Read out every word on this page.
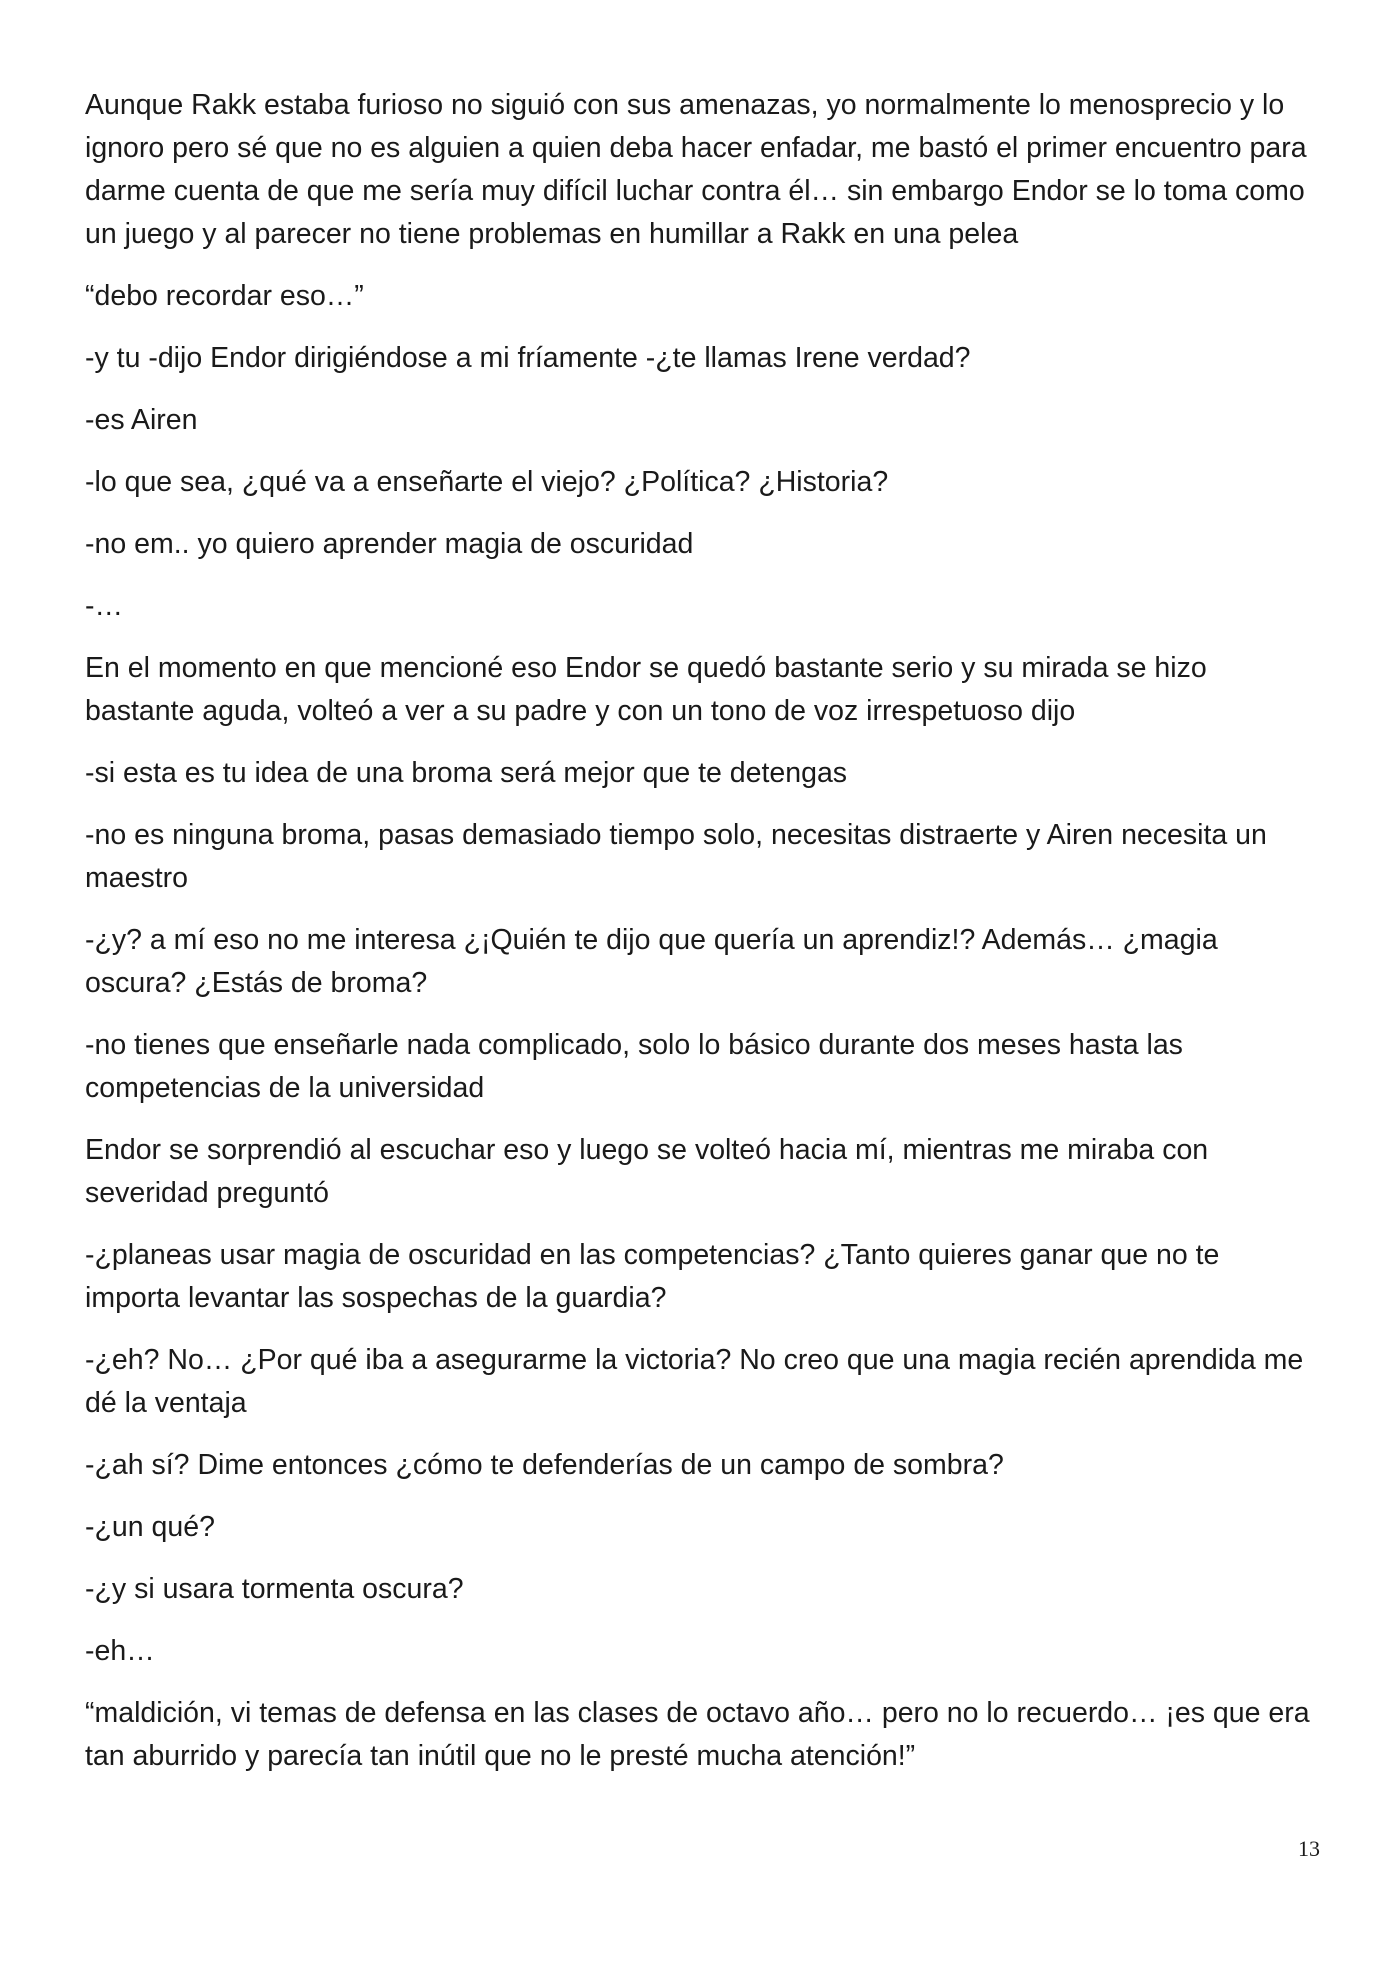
Aunque Rakk estaba furioso no siguió con sus amenazas, yo normalmente lo menosprecio y lo ignoro pero sé que no es alguien a quien deba hacer enfadar, me bastó el primer encuentro para darme cuenta de que me sería muy difícil luchar contra él… sin embargo Endor se lo toma como un juego y al parecer no tiene problemas en humillar a Rakk en una pelea

“debo recordar eso…”

-y tu -dijo Endor dirigiéndose a mi fríamente -¿te llamas Irene verdad?

-es Airen

-lo que sea, ¿qué va a enseñarte el viejo? ¿Política? ¿Historia?

-no em.. yo quiero aprender magia de oscuridad

-…

En el momento en que mencioné eso Endor se quedó bastante serio y su mirada se hizo bastante aguda, volteó a ver a su padre y con un tono de voz irrespetuoso dijo

-si esta es tu idea de una broma será mejor que te detengas

-no es ninguna broma, pasas demasiado tiempo solo, necesitas distraerte y Airen necesita un maestro

-¿y? a mí eso no me interesa ¿¡Quién te dijo que quería un aprendiz!? Además… ¿magia oscura? ¿Estás de broma?

-no tienes que enseñarle nada complicado, solo lo básico durante dos meses hasta las competencias de la universidad

Endor se sorprendió al escuchar eso y luego se volteó hacia mí, mientras me miraba con severidad preguntó

-¿planeas usar magia de oscuridad en las competencias? ¿Tanto quieres ganar que no te importa levantar las sospechas de la guardia?

-¿eh? No… ¿Por qué iba a asegurarme la victoria? No creo que una magia recién aprendida me dé la ventaja

-¿ah sí? Dime entonces ¿cómo te defenderías de un campo de sombra?

-¿un qué?

-¿y si usara tormenta oscura?

-eh…

“maldición, vi temas de defensa en las clases de octavo año… pero no lo recuerdo… ¡es que era tan aburrido y parecía tan inútil que no le presté mucha atención!”

13
